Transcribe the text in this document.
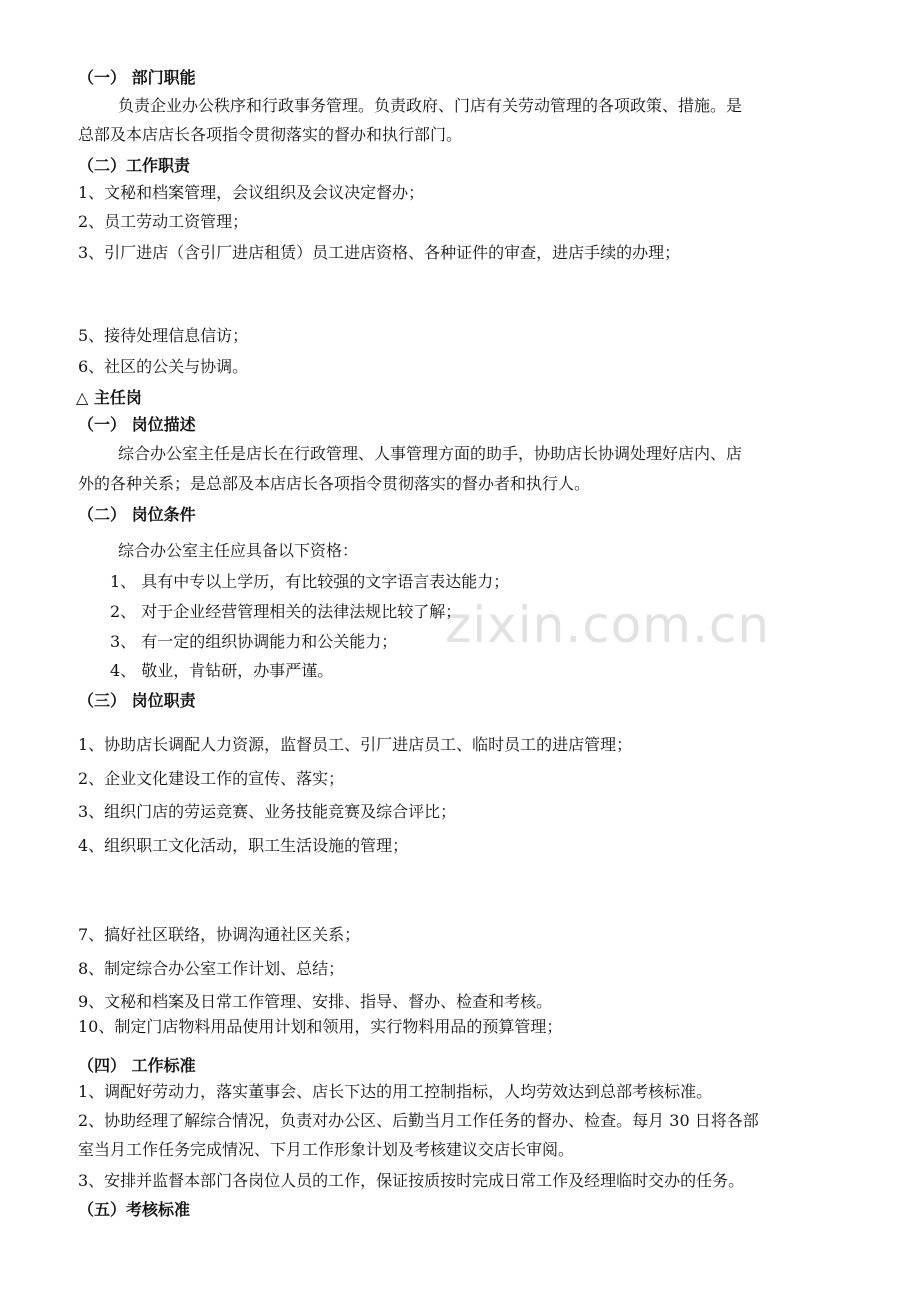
zixin.com.cn
（一） 部门职能
负责企业办公秩序和行政事务管理。负责政府、门店有关劳动管理的各项政策、措施。是
总部及本店店长各项指令贯彻落实的督办和执行部门。
（二）工作职责
1、文秘和档案管理，会议组织及会议决定督办；
2、员工劳动工资管理；
3、引厂进店（含引厂进店租赁）员工进店资格、各种证件的审查，进店手续的办理；
5、接待处理信息信访；
6、社区的公关与协调。
△ 主任岗
（一） 岗位描述
综合办公室主任是店长在行政管理、人事管理方面的助手，协助店长协调处理好店内、店
外的各种关系；是总部及本店店长各项指令贯彻落实的督办者和执行人。
（二） 岗位条件
综合办公室主任应具备以下资格：
1、 具有中专以上学历，有比较强的文字语言表达能力；
2、 对于企业经营管理相关的法律法规比较了解；
3、 有一定的组织协调能力和公关能力；
4、 敬业，肯钻研，办事严谨。
（三） 岗位职责
1、协助店长调配人力资源，监督员工、引厂进店员工、临时员工的进店管理；
2、企业文化建设工作的宣传、落实；
3、组织门店的劳运竞赛、业务技能竞赛及综合评比；
4、组织职工文化活动，职工生活设施的管理；
7、搞好社区联络，协调沟通社区关系；
8、制定综合办公室工作计划、总结；
9、文秘和档案及日常工作管理、安排、指导、督办、检查和考核。
10、制定门店物料用品使用计划和领用，实行物料用品的预算管理；
（四） 工作标准
1、调配好劳动力，落实董事会、店长下达的用工控制指标，人均劳效达到总部考核标准。
2、协助经理了解综合情况，负责对办公区、后勤当月工作任务的督办、检查。每月 30 日将各部
室当月工作任务完成情况、下月工作形象计划及考核建议交店长审阅。
3、安排并监督本部门各岗位人员的工作，保证按质按时完成日常工作及经理临时交办的任务。
（五）考核标准
